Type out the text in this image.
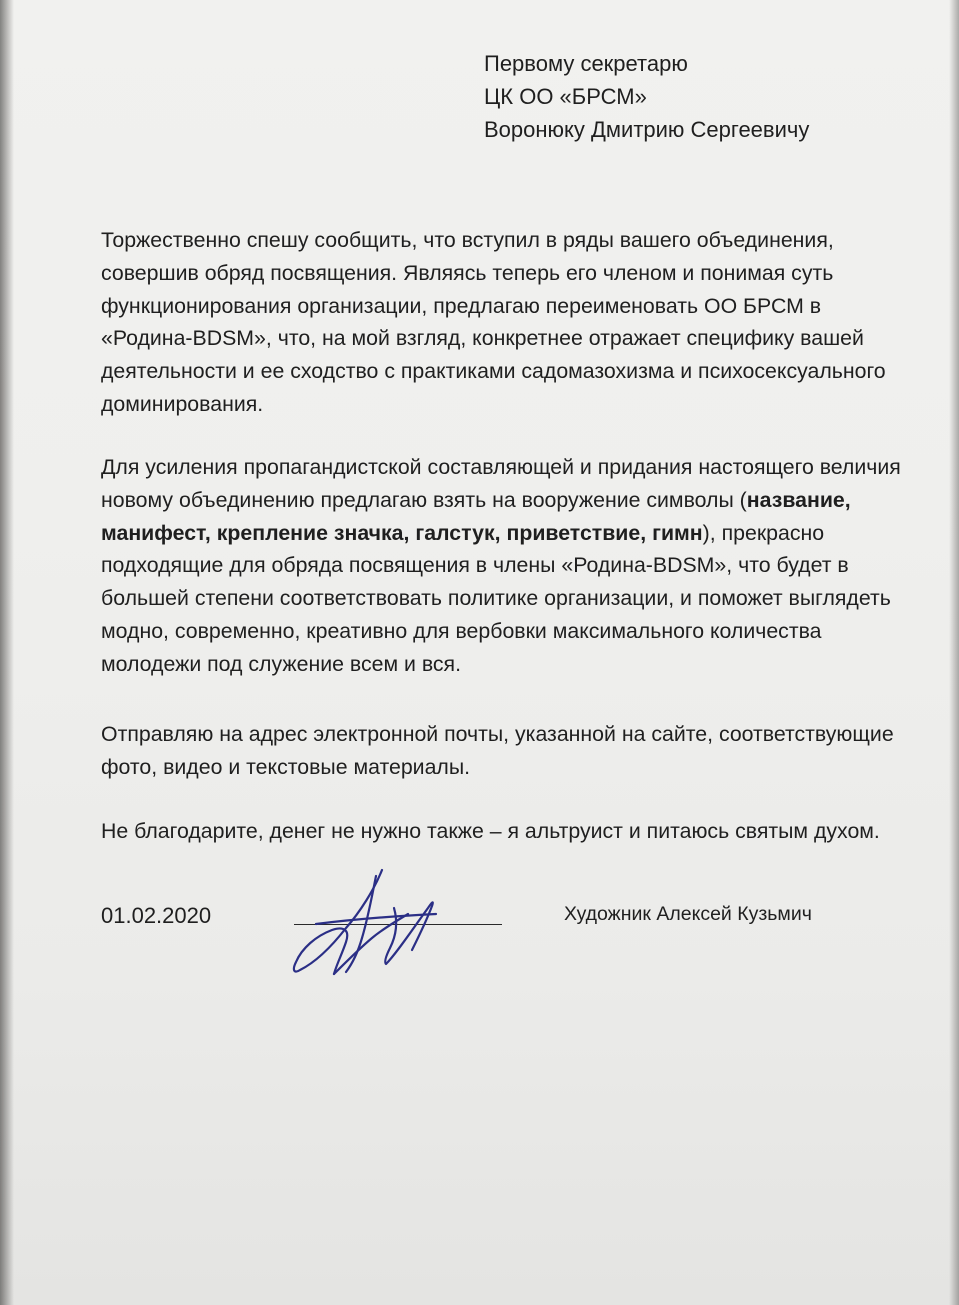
Первому секретарю
ЦК ОО «БРСМ»
Воронюку Дмитрию Сергеевичу
Торжественно спешу сообщить, что вступил в ряды вашего объединения,
совершив обряд посвящения. Являясь теперь его членом и понимая суть
функционирования организации, предлагаю переименовать ОО БРСМ в
«Родина-BDSM», что, на мой взгляд, конкретнее отражает специфику вашей
деятельности и ее сходство с практиками садомазохизма и психосексуального
доминирования.
Для усиления пропагандистской составляющей и придания настоящего величия
новому объединению предлагаю взять на вооружение символы (название,
манифест, крепление значка, галстук, приветствие, гимн), прекрасно
подходящие для обряда посвящения в члены «Родина-BDSM», что будет в
большей степени соответствовать политике организации, и поможет выглядеть
модно, современно, креативно для вербовки максимального количества
молодежи под служение всем и вся.
Отправляю на адрес электронной почты, указанной на сайте, соответствующие
фото, видео и текстовые материалы.
Не благодарите, денег не нужно также – я альтруист и питаюсь святым духом.
01.02.2020	Художник Алексей Кузьмич
